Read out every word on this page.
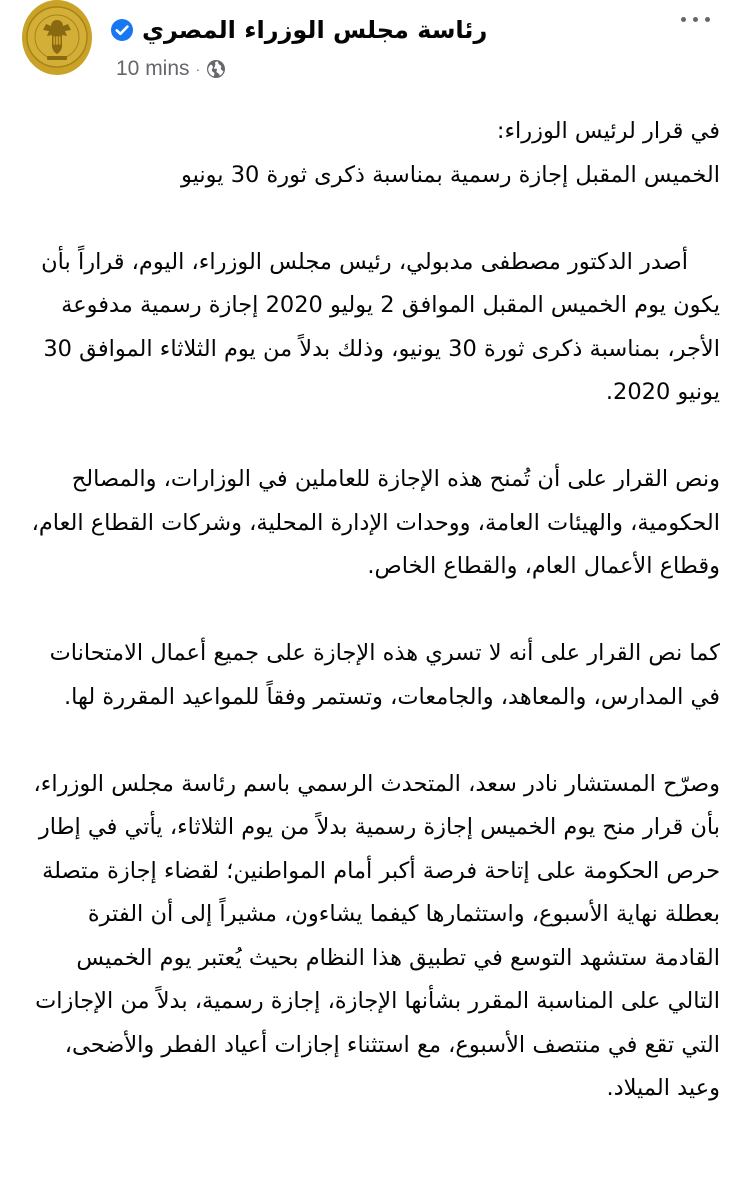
رئاسة مجلس الوزراء المصري
10 mins ·

في قرار لرئيس الوزراء:
الخميس المقبل إجازة رسمية بمناسبة ذكرى ثورة 30 يونيو

أصدر الدكتور مصطفى مدبولي، رئيس مجلس الوزراء، اليوم، قراراً بأن يكون يوم الخميس المقبل الموافق 2 يوليو 2020 إجازة رسمية مدفوعة الأجر، بمناسبة ذكرى ثورة 30 يونيو، وذلك بدلاً من يوم الثلاثاء الموافق 30 يونيو 2020.

ونص القرار على أن تُمنح هذه الإجازة للعاملين في الوزارات، والمصالح الحكومية، والهيئات العامة، ووحدات الإدارة المحلية، وشركات القطاع العام، وقطاع الأعمال العام، والقطاع الخاص.

كما نص القرار على أنه لا تسري هذه الإجازة على جميع أعمال الامتحانات في المدارس، والمعاهد، والجامعات، وتستمر وفقاً للمواعيد المقررة لها.

وصرّح المستشار نادر سعد، المتحدث الرسمي باسم رئاسة مجلس الوزراء، بأن قرار منح يوم الخميس إجازة رسمية بدلاً من يوم الثلاثاء، يأتي في إطار حرص الحكومة على إتاحة فرصة أكبر أمام المواطنين؛ لقضاء إجازة متصلة بعطلة نهاية الأسبوع، واستثمارها كيفما يشاءون، مشيراً إلى أن الفترة القادمة ستشهد التوسع في تطبيق هذا النظام بحيث يُعتبر يوم الخميس التالي على المناسبة المقرر بشأنها الإجازة، إجازة رسمية، بدلاً من الإجازات التي تقع في منتصف الأسبوع، مع استثناء إجازات أعياد الفطر والأضحى، وعيد الميلاد.
